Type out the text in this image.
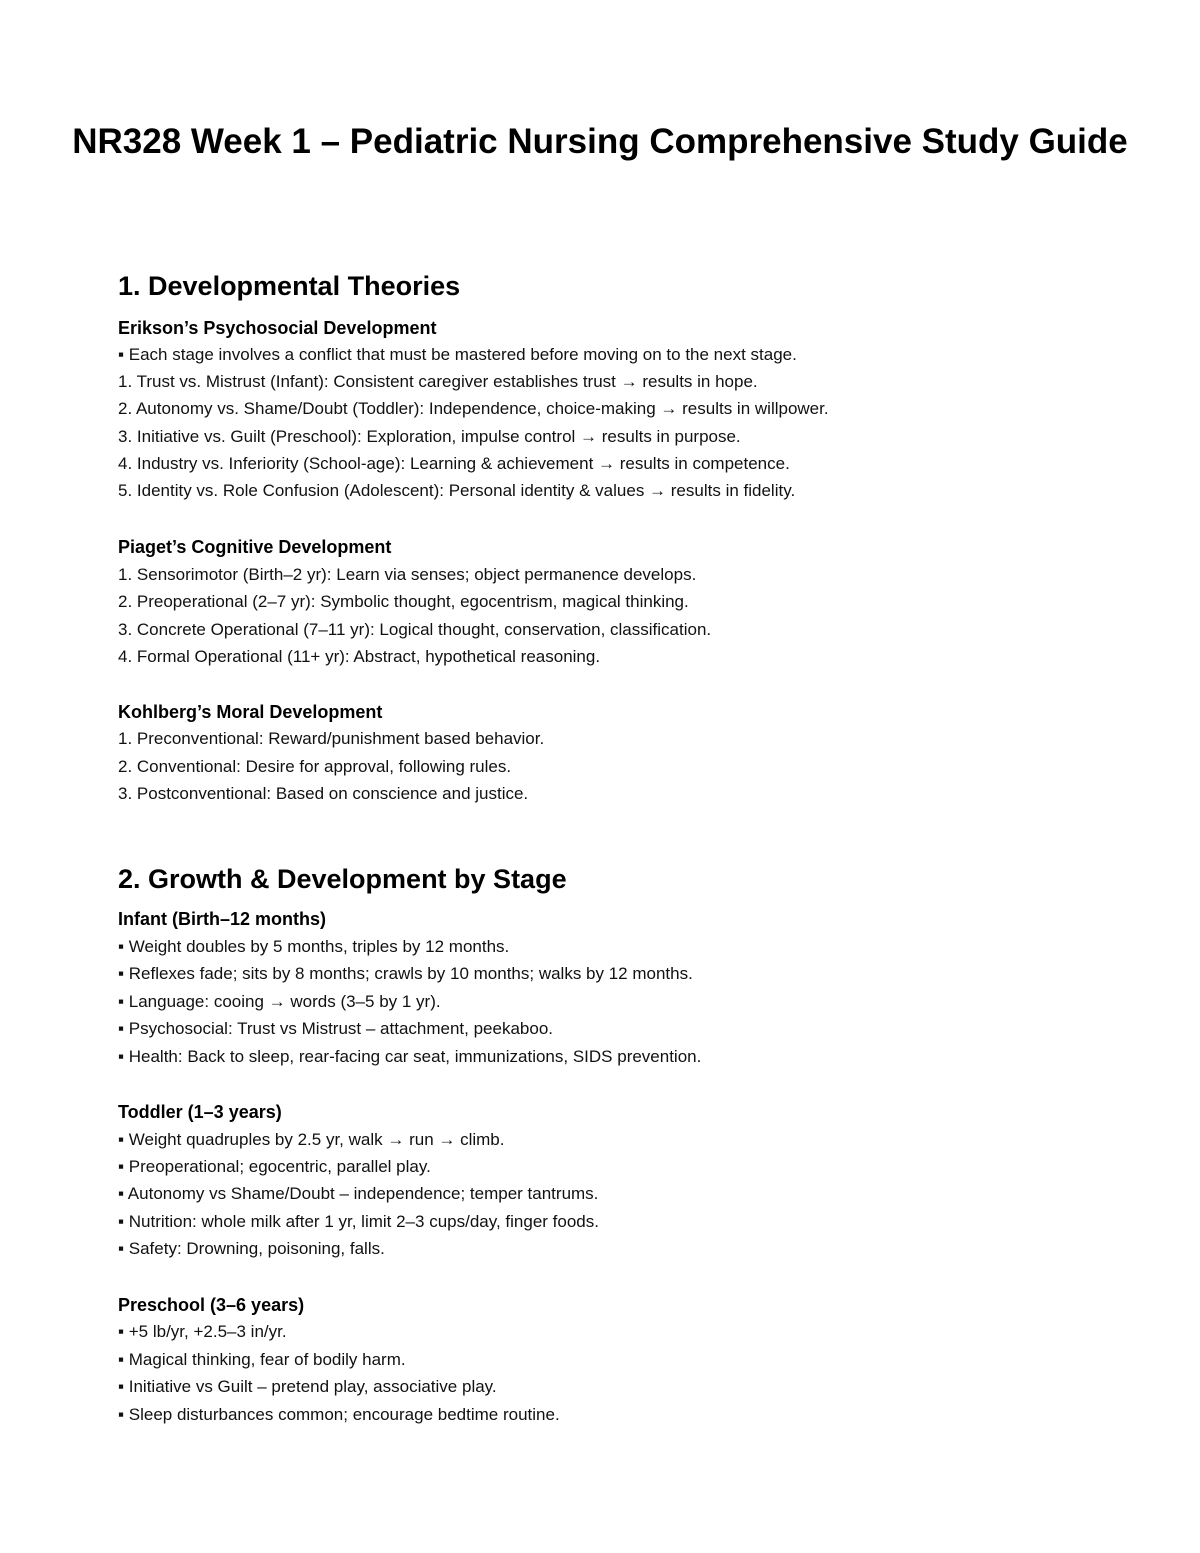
NR328 Week 1 – Pediatric Nursing Comprehensive Study Guide
1. Developmental Theories
Erikson’s Psychosocial Development

▪ Each stage involves a conflict that must be mastered before moving on to the next stage.

1. Trust vs. Mistrust (Infant): Consistent caregiver establishes trust → results in hope.

2. Autonomy vs. Shame/Doubt (Toddler): Independence, choice-making → results in willpower.

3. Initiative vs. Guilt (Preschool): Exploration, impulse control → results in purpose.

4. Industry vs. Inferiority (School-age): Learning & achievement → results in competence.

5. Identity vs. Role Confusion (Adolescent): Personal identity & values → results in fidelity.

Piaget’s Cognitive Development

1. Sensorimotor (Birth–2 yr): Learn via senses; object permanence develops.

2. Preoperational (2–7 yr): Symbolic thought, egocentrism, magical thinking.

3. Concrete Operational (7–11 yr): Logical thought, conservation, classification.

4. Formal Operational (11+ yr): Abstract, hypothetical reasoning.

Kohlberg’s Moral Development

1. Preconventional: Reward/punishment based behavior.

2. Conventional: Desire for approval, following rules.

3. Postconventional: Based on conscience and justice.

2. Growth & Development by Stage
Infant (Birth–12 months)

▪ Weight doubles by 5 months, triples by 12 months.

▪ Reflexes fade; sits by 8 months; crawls by 10 months; walks by 12 months.

▪ Language: cooing → words (3–5 by 1 yr).

▪ Psychosocial: Trust vs Mistrust – attachment, peekaboo.

▪ Health: Back to sleep, rear-facing car seat, immunizations, SIDS prevention.

Toddler (1–3 years)

▪ Weight quadruples by 2.5 yr, walk → run → climb.

▪ Preoperational; egocentric, parallel play.

▪ Autonomy vs Shame/Doubt – independence; temper tantrums.

▪ Nutrition: whole milk after 1 yr, limit 2–3 cups/day, finger foods.

▪ Safety: Drowning, poisoning, falls.

Preschool (3–6 years)

▪ +5 lb/yr, +2.5–3 in/yr.

▪ Magical thinking, fear of bodily harm.

▪ Initiative vs Guilt – pretend play, associative play.

▪ Sleep disturbances common; encourage bedtime routine.
